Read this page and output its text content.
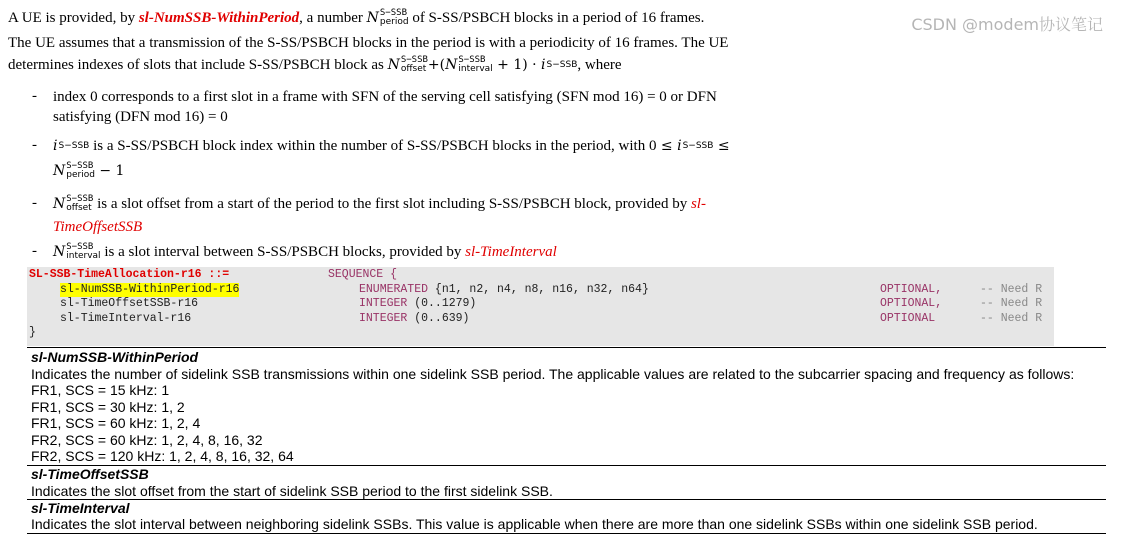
A UE is provided, by sl-NumSSB-WithinPeriod, a number N S−SSB
period of S-SS/PSBCH blocks in a period of 16 frames.
The UE assumes that a transmission of the S-SS/PSBCH blocks in the period is with a periodicity of 16 frames. The UE
determines indexes of slots that include S-SS/PSBCH block as N S−SSB
offset +(N S−SSB
interval + 1) · i S−SSB , where
- index 0 corresponds to a first slot in a frame with SFN of the serving cell satisfying (SFN mod 16) = 0 or DFN
satisfying (DFN mod 16) = 0
- i S−SSB is a S-SS/PSBCH block index within the number of S-SS/PSBCH blocks in the period, with 0 ≤ i S−SSB ≤
N S−SSB
period − 1
- N S−SSB
offset is a slot offset from a start of the period to the first slot including S-SS/PSBCH block, provided by sl-
TimeOffsetSSB
- N S−SSB
interval is a slot interval between S-SS/PSBCH blocks, provided by sl-TimeInterval
SL-SSB-TimeAllocation-r16 ::=	SEQUENCE {
sl-NumSSB-WithinPeriod-r16	ENUMERATED {n1, n2, n4, n8, n16, n32, n64}	OPTIONAL,	-- Need R
sl-TimeOffsetSSB-r16	INTEGER (0..1279)	OPTIONAL,	-- Need R
sl-TimeInterval-r16	INTEGER (0..639)	OPTIONAL	-- Need R
}
sl-NumSSB-WithinPeriod
Indicates the number of sidelink SSB transmissions within one sidelink SSB period. The applicable values are related to the subcarrier spacing and frequency as follows:
FR1, SCS = 15 kHz: 1
FR1, SCS = 30 kHz: 1, 2
FR1, SCS = 60 kHz: 1, 2, 4
FR2, SCS = 60 kHz: 1, 2, 4, 8, 16, 32
FR2, SCS = 120 kHz: 1, 2, 4, 8, 16, 32, 64
sl-TimeOffsetSSB
Indicates the slot offset from the start of sidelink SSB period to the first sidelink SSB.
sl-TimeInterval
Indicates the slot interval between neighboring sidelink SSBs. This value is applicable when there are more than one sidelink SSBs within one sidelink SSB period.
CSDN @modem协议笔记
